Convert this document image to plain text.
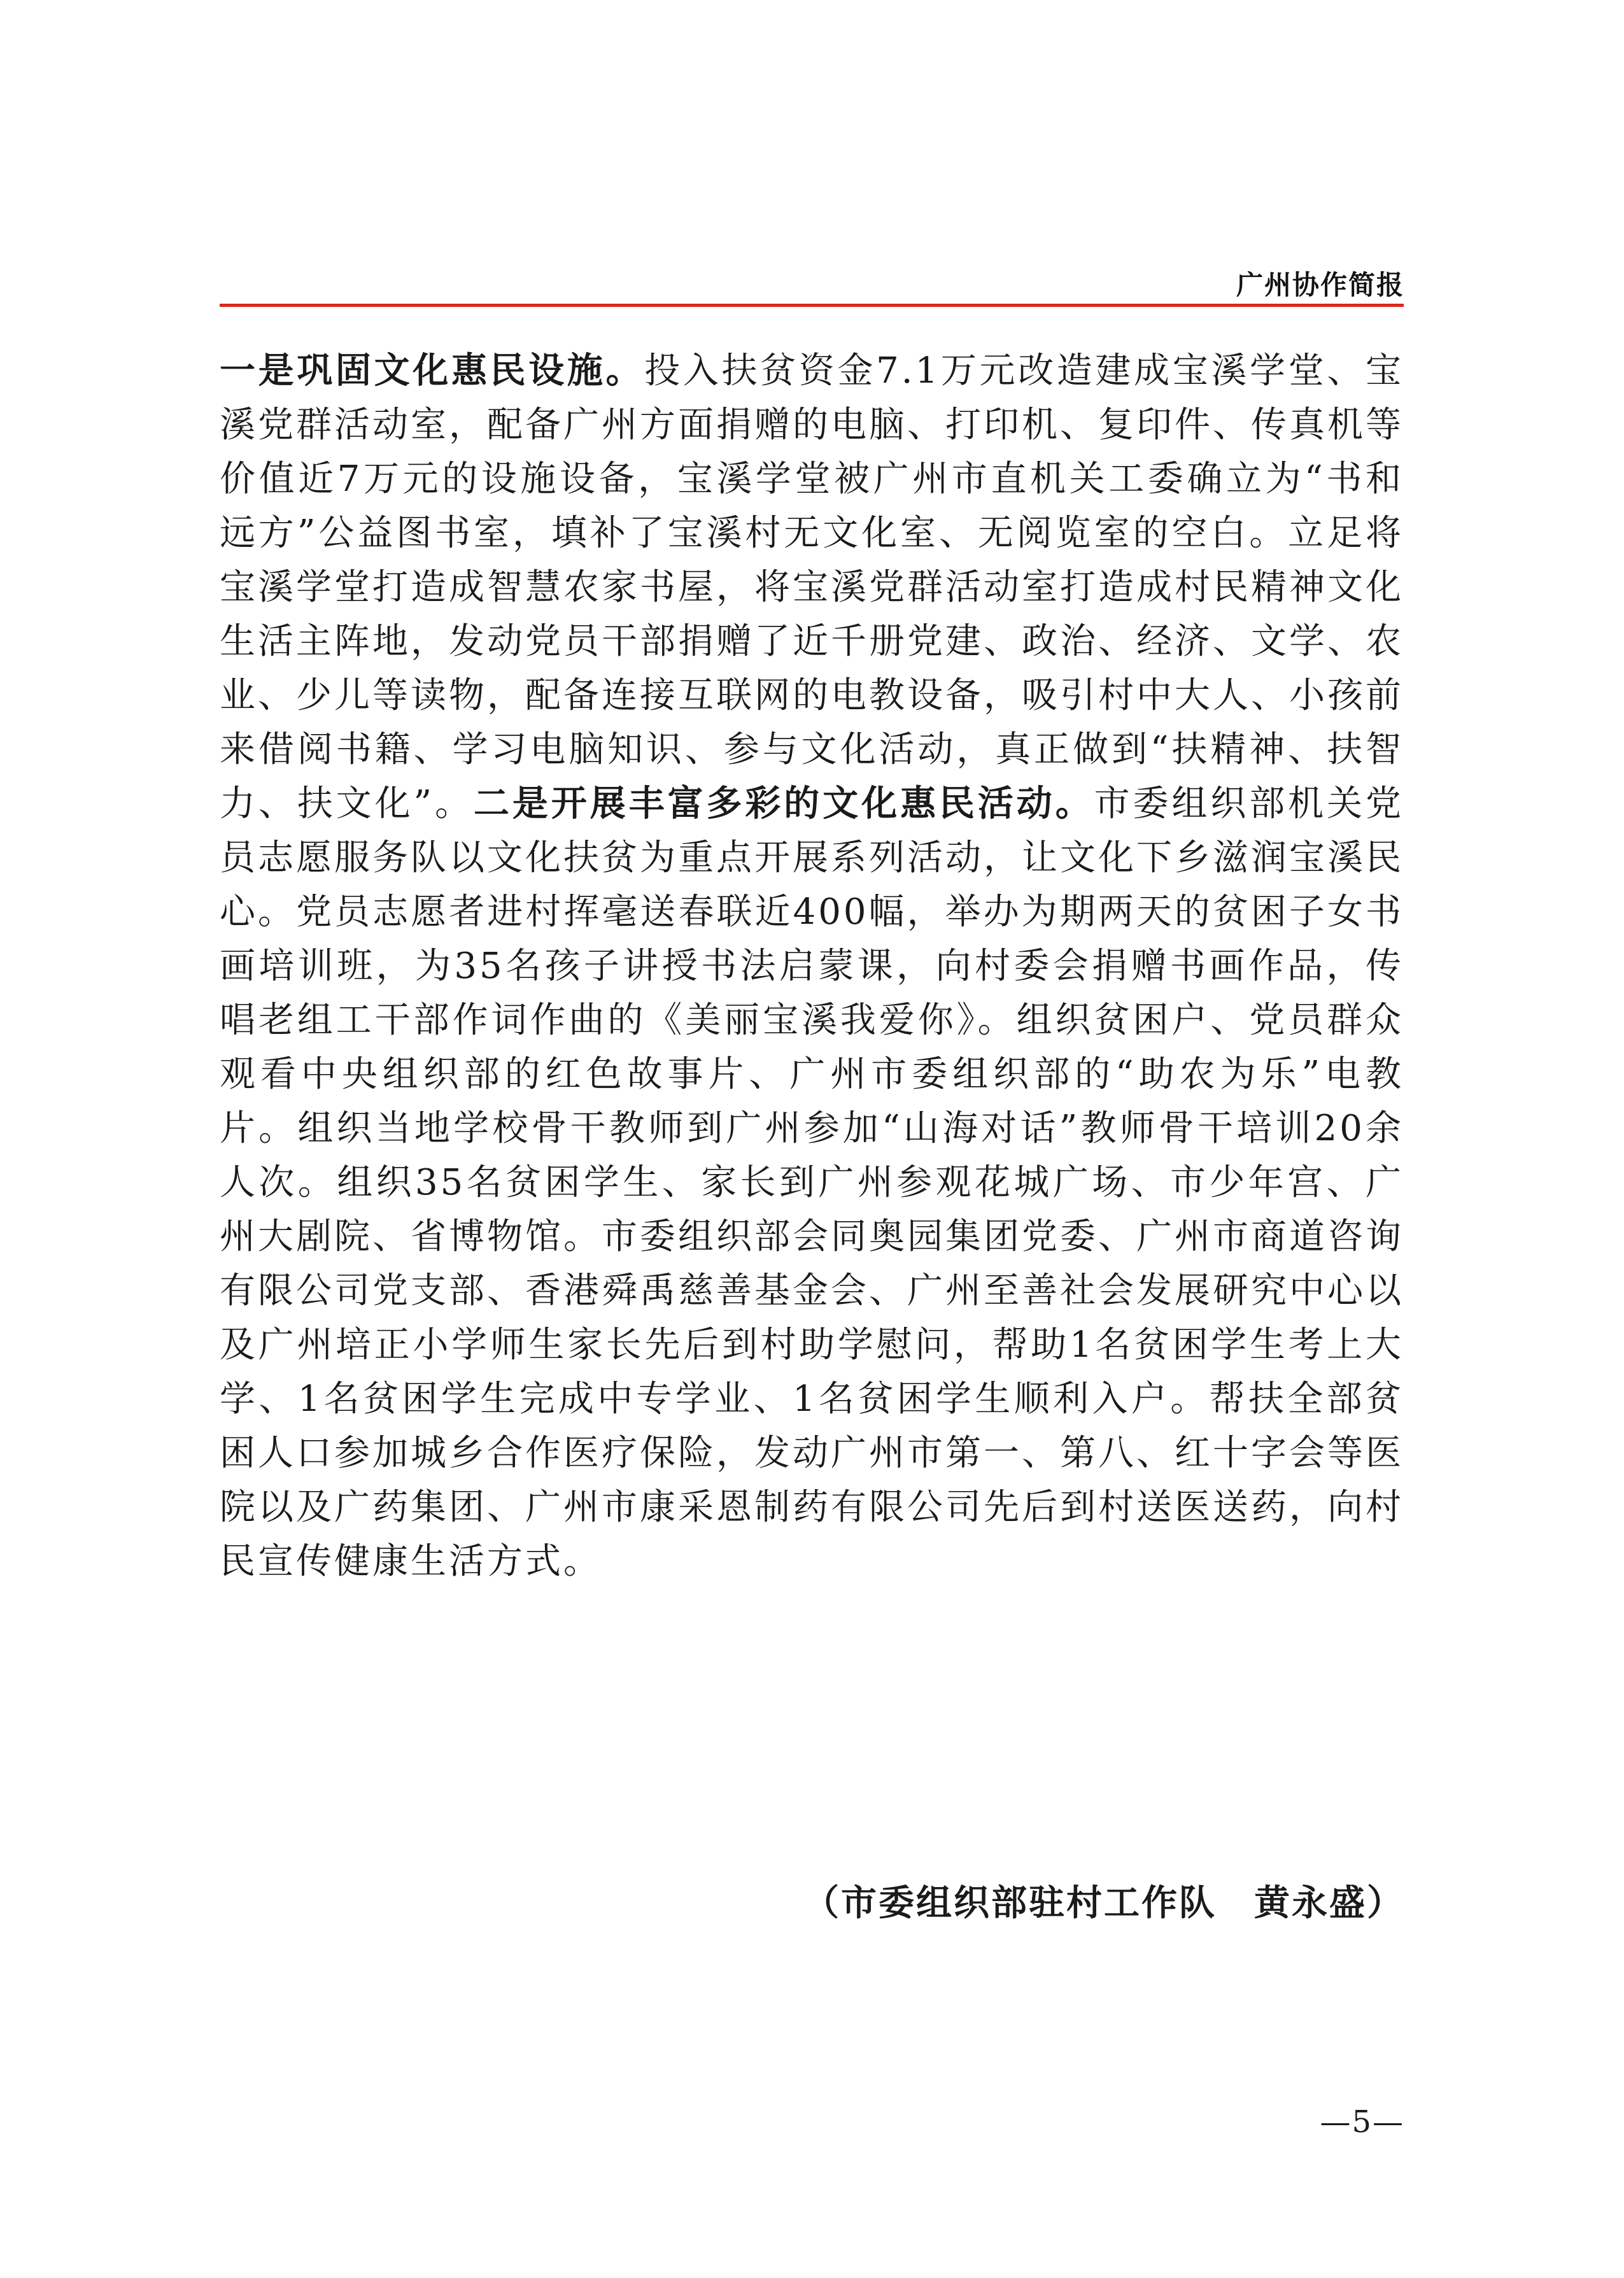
广州协作简报
一是巩固文化惠民设施。投入扶贫资金7.1万元改造建成宝溪学堂、宝溪党群活动室，配备广州方面捐赠的电脑、打印机、复印件、传真机等价值近7万元的设施设备，宝溪学堂被广州市直机关工委确立为“书和远方”公益图书室，填补了宝溪村无文化室、无阅览室的空白。立足将宝溪学堂打造成智慧农家书屋，将宝溪党群活动室打造成村民精神文化生活主阵地，发动党员干部捐赠了近千册党建、政治、经济、文学、农业、少儿等读物，配备连接互联网的电教设备，吸引村中大人、小孩前来借阅书籍、学习电脑知识、参与文化活动，真正做到“扶精神、扶智力、扶文化”。二是开展丰富多彩的文化惠民活动。市委组织部机关党员志愿服务队以文化扶贫为重点开展系列活动，让文化下乡滋润宝溪民心。党员志愿者进村挥毫送春联近400幅，举办为期两天的贫困子女书画培训班，为35名孩子讲授书法启蒙课，向村委会捐赠书画作品，传唱老组工干部作词作曲的《美丽宝溪我爱你》。组织贫困户、党员群众观看中央组织部的红色故事片、广州市委组织部的“助农为乐”电教片。组织当地学校骨干教师到广州参加“山海对话”教师骨干培训20余人次。组织35名贫困学生、家长到广州参观花城广场、市少年宫、广州大剧院、省博物馆。市委组织部会同奥园集团党委、广州市商道咨询有限公司党支部、香港舜禹慈善基金会、广州至善社会发展研究中心以及广州培正小学师生家长先后到村助学慰问，帮助1名贫困学生考上大学、1名贫困学生完成中专学业、1名贫困学生顺利入户。帮扶全部贫困人口参加城乡合作医疗保险，发动广州市第一、第八、红十字会等医院以及广药集团、广州市康采恩制药有限公司先后到村送医送药，向村民宣传健康生活方式。
（市委组织部驻村工作队　黄永盛）
—5—
